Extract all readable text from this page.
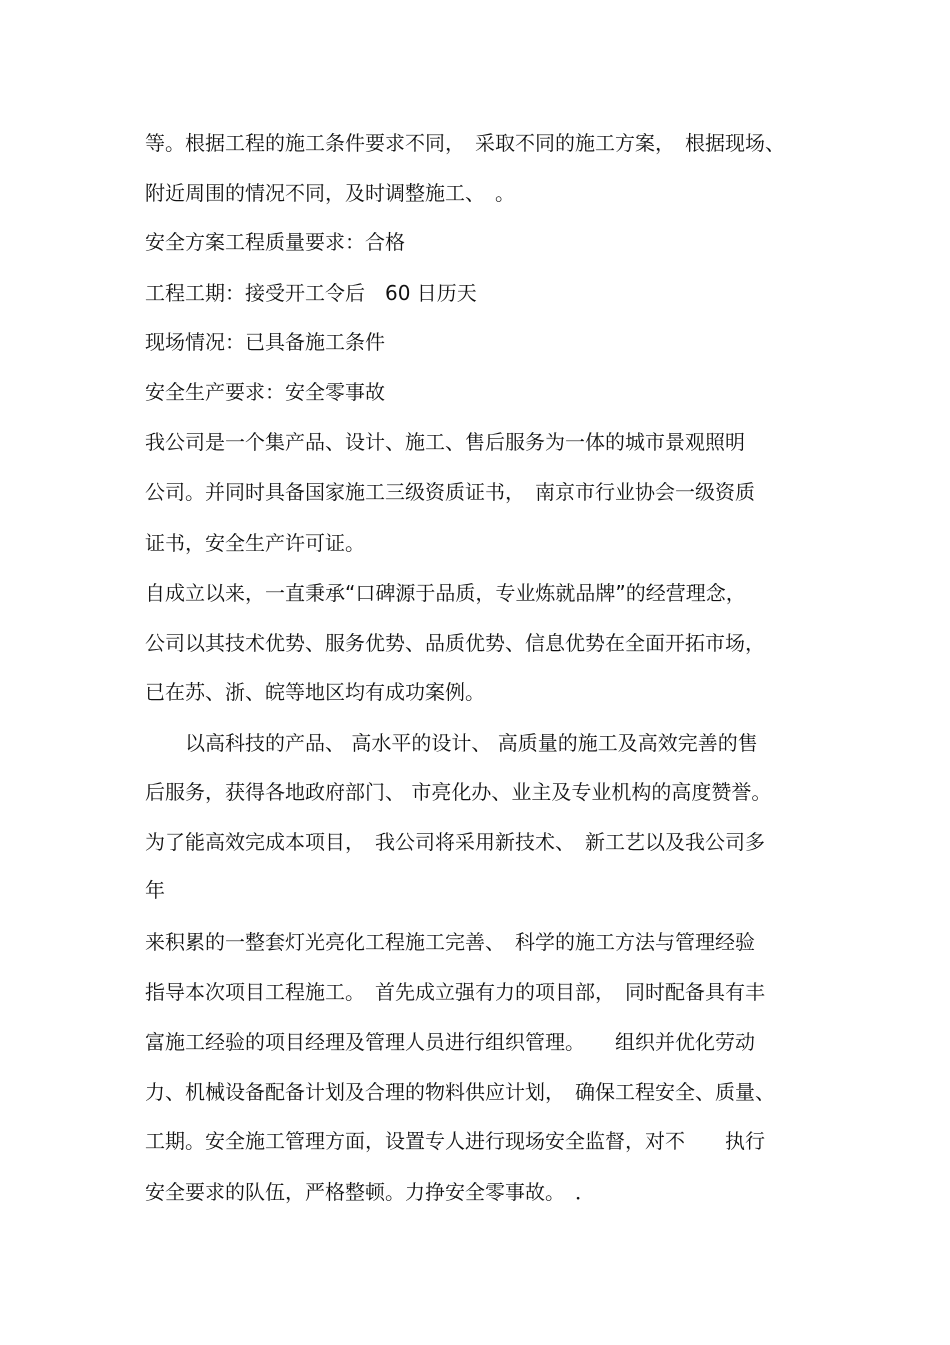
等。根据工程的施工条件要求不同，　采取不同的施工方案，　根据现场、
附近周围的情况不同，及时调整施工、　。
安全方案工程质量要求：合格
工程工期：接受开工令后　60 日历天
现场情况：已具备施工条件
安全生产要求：安全零事故
我公司是一个集产品、设计、施工、售后服务为一体的城市景观照明
公司。并同时具备国家施工三级资质证书，　南京市行业协会一级资质
证书，安全生产许可证。
自成立以来，一直秉承“口碑源于品质，专业炼就品牌”的经营理念，
公司以其技术优势、服务优势、品质优势、信息优势在全面开拓市场，
已在苏、浙、皖等地区均有成功案例。
　　以高科技的产品、 高水平的设计、 高质量的施工及高效完善的售
后服务，获得各地政府部门、 市亮化办、业主及专业机构的高度赞誉。
为了能高效完成本项目，　我公司将采用新技术、　新工艺以及我公司多
年
来积累的一整套灯光亮化工程施工完善、　科学的施工方法与管理经验
指导本次项目工程施工。　首先成立强有力的项目部，　同时配备具有丰
富施工经验的项目经理及管理人员进行组织管理。　　组织并优化劳动
力、机械设备配备计划及合理的物料供应计划，　确保工程安全、质量、
工期。安全施工管理方面，设置专人进行现场安全监督，对不　　执行
安全要求的队伍，严格整顿。力挣安全零事故。　．
